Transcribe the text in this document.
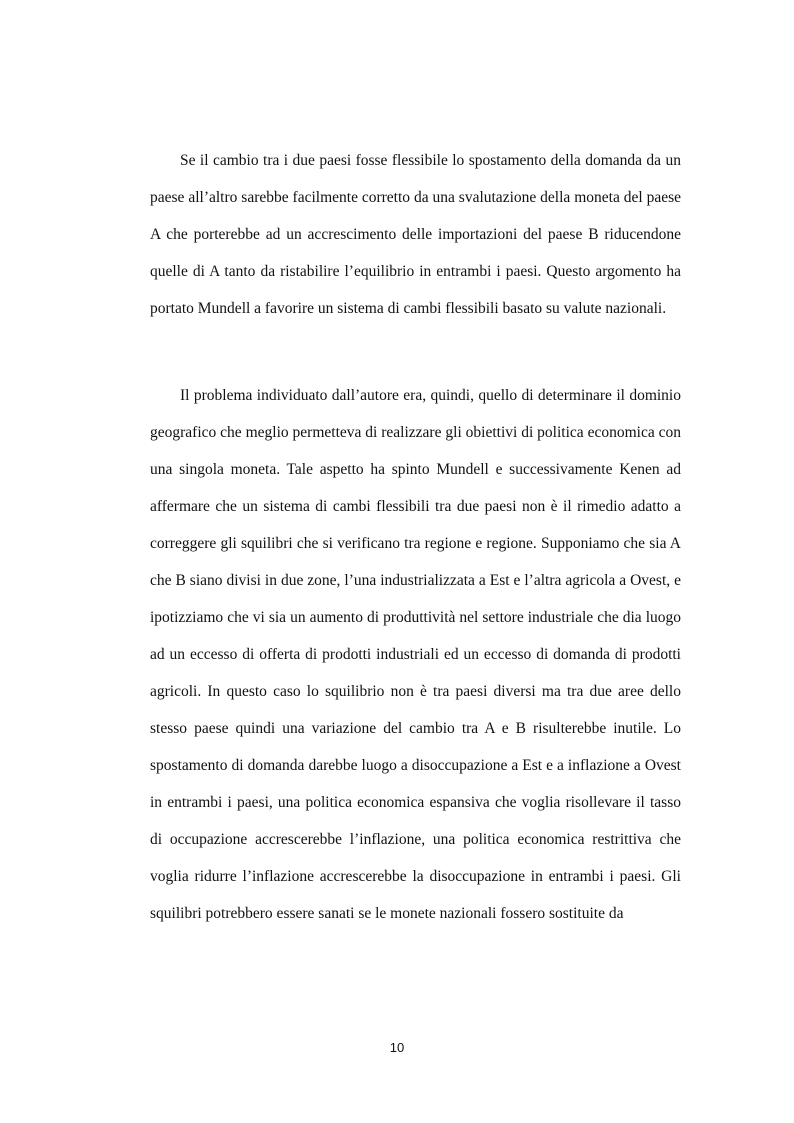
Se il cambio tra i due paesi fosse flessibile lo spostamento della domanda da un paese all’altro sarebbe facilmente corretto da una svalutazione della moneta del paese A che porterebbe ad un accrescimento delle importazioni del paese B riducendone quelle di A tanto da ristabilire l’equilibrio in entrambi i paesi. Questo argomento ha portato Mundell a favorire un sistema di cambi flessibili basato su valute nazionali.

Il problema individuato dall’autore era, quindi, quello di determinare il dominio geografico che meglio permetteva di realizzare gli obiettivi di politica economica con una singola moneta. Tale aspetto ha spinto Mundell e successivamente Kenen ad affermare che un sistema di cambi flessibili tra due paesi non è il rimedio adatto a correggere gli squilibri che si verificano tra regione e regione. Supponiamo che sia A che B siano divisi in due zone, l’una industrializzata a Est e l’altra agricola a Ovest, e ipotizziamo che vi sia un aumento di produttività nel settore industriale che dia luogo ad un eccesso di offerta di prodotti industriali ed un eccesso di domanda di prodotti agricoli. In questo caso lo squilibrio non è tra paesi diversi ma tra due aree dello stesso paese quindi una variazione del cambio tra A e B risulterebbe inutile. Lo spostamento di domanda darebbe luogo a disoccupazione a Est e a inflazione a Ovest in entrambi i paesi, una politica economica espansiva che voglia risollevare il tasso di occupazione accrescerebbe l’inflazione, una politica economica restrittiva che voglia ridurre l’inflazione accrescerebbe la disoccupazione in entrambi i paesi. Gli squilibri potrebbero essere sanati se le monete nazionali fossero sostituite da

10
